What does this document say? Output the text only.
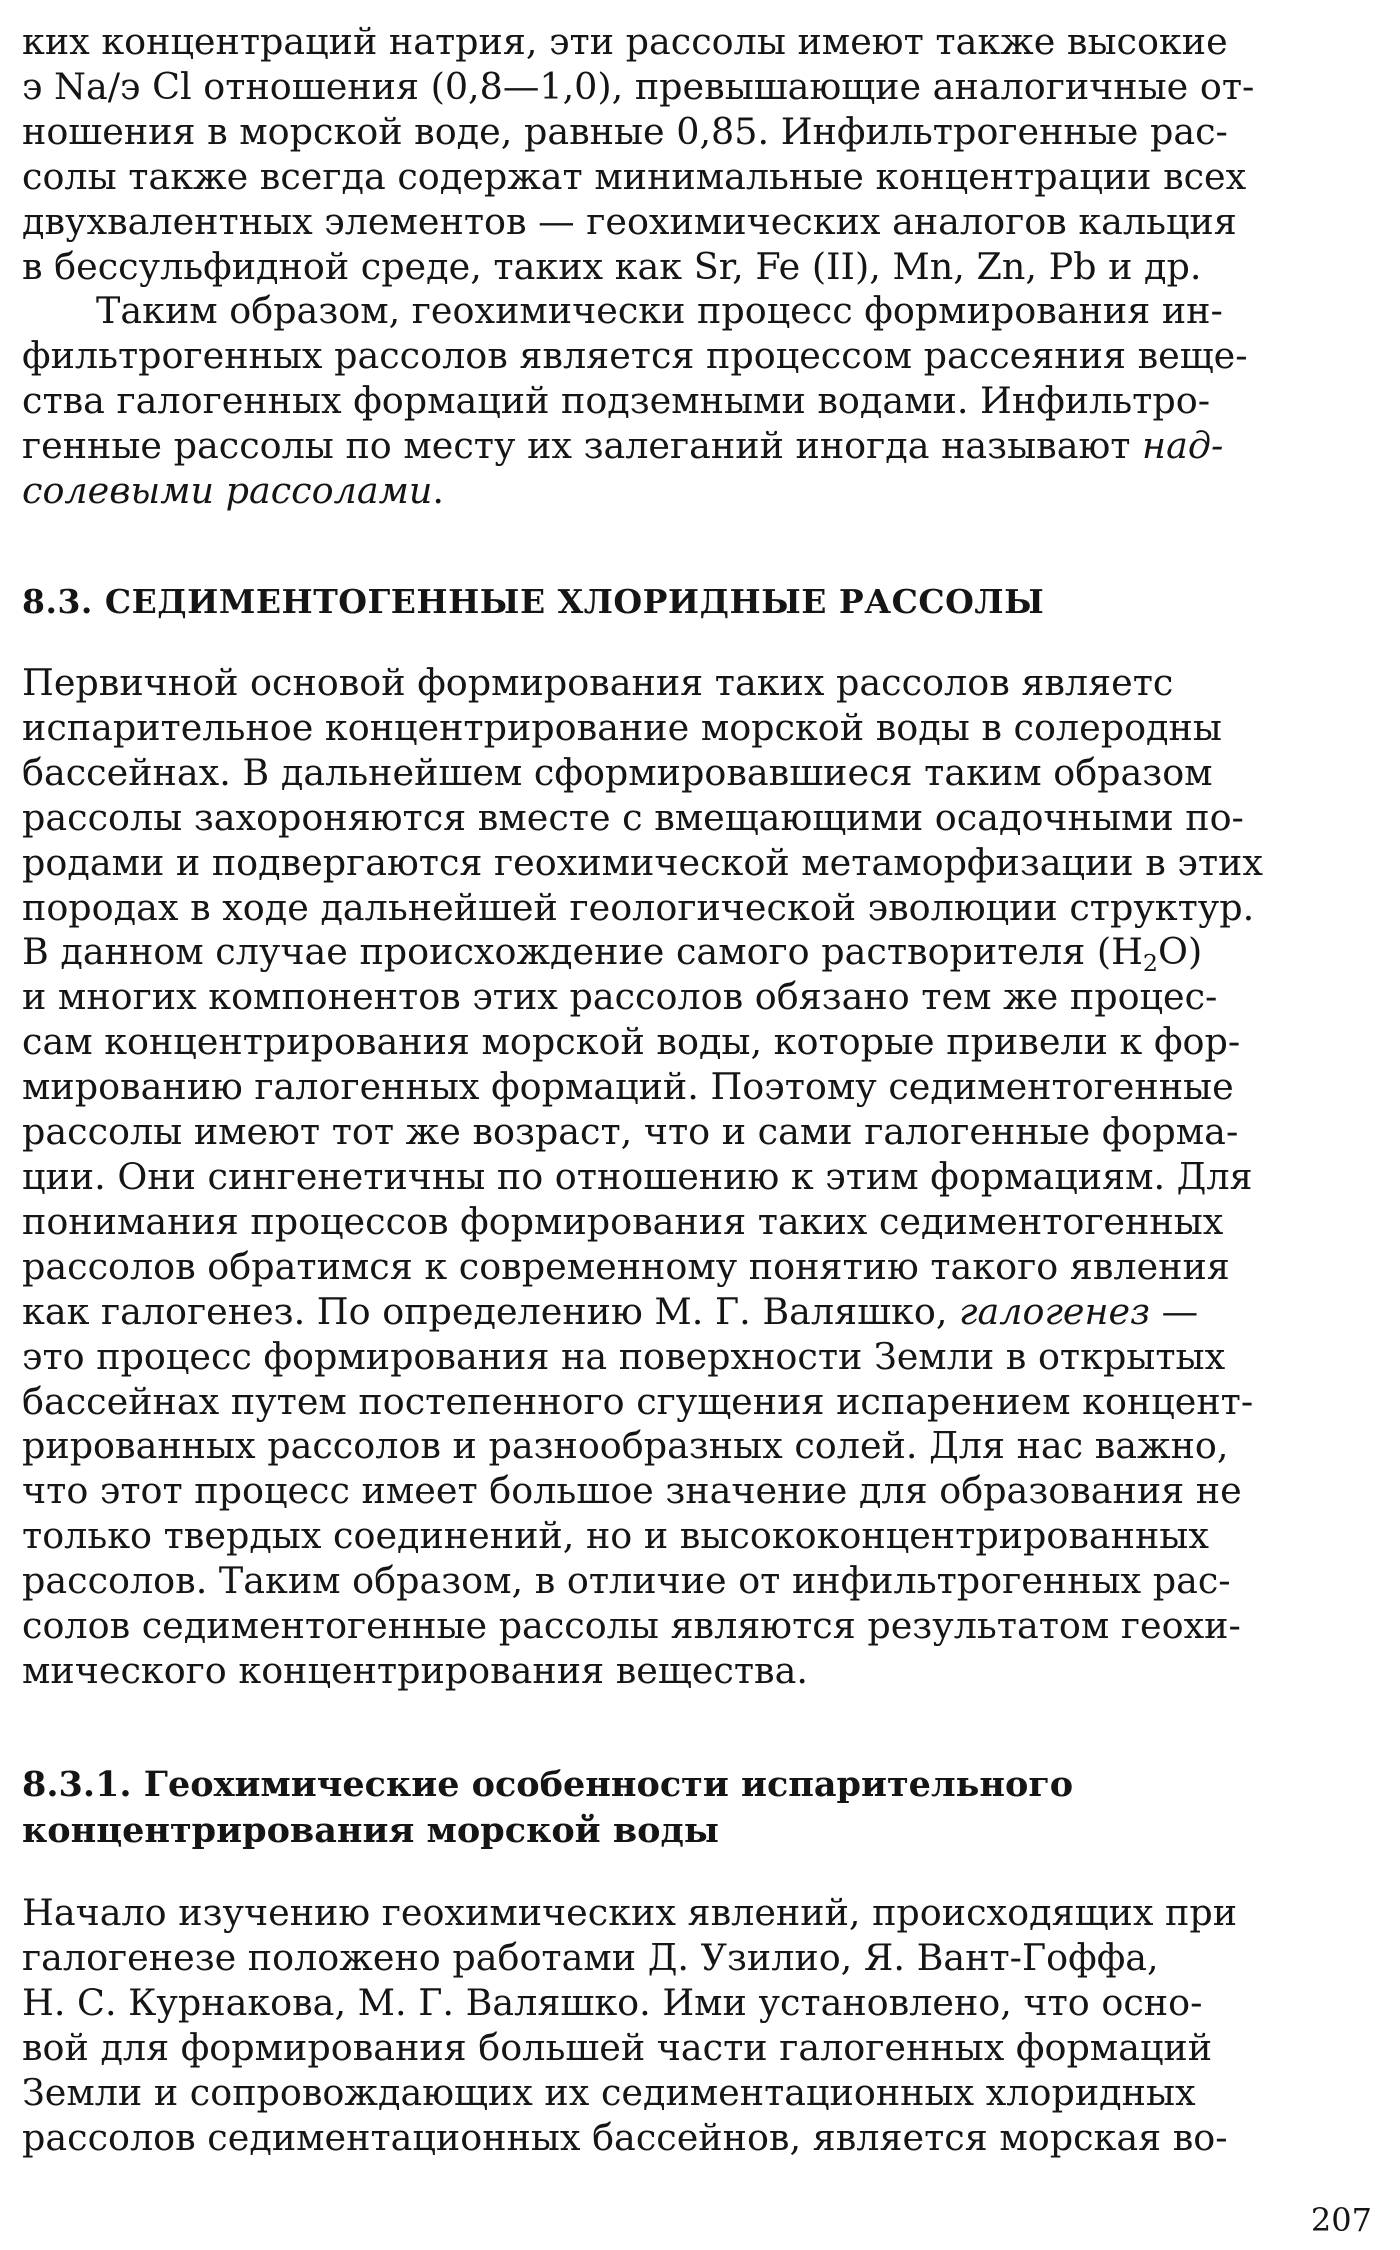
ких концентраций натрия, эти рассолы имеют также высокие
э Na/э Cl отношения (0,8—1,0), превышающие аналогичные от-
ношения в морской воде, равные 0,85. Инфильтрогенные рас-
солы также всегда содержат минимальные концентрации всех
двухвалентных элементов — геохимических аналогов кальция
в бессульфидной среде, таких как Sr, Fe (II), Mn, Zn, Pb и др.

Таким образом, геохимически процесс формирования ин-
фильтрогенных рассолов является процессом рассеяния веще-
ства галогенных формаций подземными водами. Инфильтро-
генные рассолы по месту их залеганий иногда называют над-
солевыми рассолами.

8.3. СЕДИМЕНТОГЕННЫЕ ХЛОРИДНЫЕ РАССОЛЫ

Первичной основой формирования таких рассолов являетс
испарительное концентрирование морской воды в солеродны
бассейнах. В дальнейшем сформировавшиеся таким образом
рассолы захороняются вместе с вмещающими осадочными по-
родами и подвергаются геохимической метаморфизации в этих
породах в ходе дальнейшей геологической эволюции структур.
В данном случае происхождение самого растворителя $(H_2O)$
и многих компонентов этих рассолов обязано тем же процес-
сам концентрирования морской воды, которые привели к фор-
мированию галогенных формаций. Поэтому седиментогенные
рассолы имеют тот же возраст, что и сами галогенные форма-
ции. Они сингенетичны по отношению к этим формациям. Для
понимания процессов формирования таких седиментогенных
рассолов обратимся к современному понятию такого явления
как галогенез. По определению М. Г. Валяшко, галогенез —
это процесс формирования на поверхности Земли в открытых
бассейнах путем постепенного сгущения испарением концент-
рированных рассолов и разнообразных солей. Для нас важно,
что этот процесс имеет большое значение для образования не
только твердых соединений, но и высококонцентрированных
рассолов. Таким образом, в отличие от инфильтрогенных рас-
солов седиментогенные рассолы являются результатом геохи-
мического концентрирования вещества.

8.3.1. Геохимические особенности испарительного
концентрирования морской воды

Начало изучению геохимических явлений, происходящих при
галогенезе положено работами Д. Узилио, Я. Вант-Гоффа,
Н. С. Курнакова, М. Г. Валяшко. Ими установлено, что осно-
вой для формирования большей части галогенных формаций
Земли и сопровождающих их седиментационных хлоридных
рассолов седиментационных бассейнов, является морская во-

207
